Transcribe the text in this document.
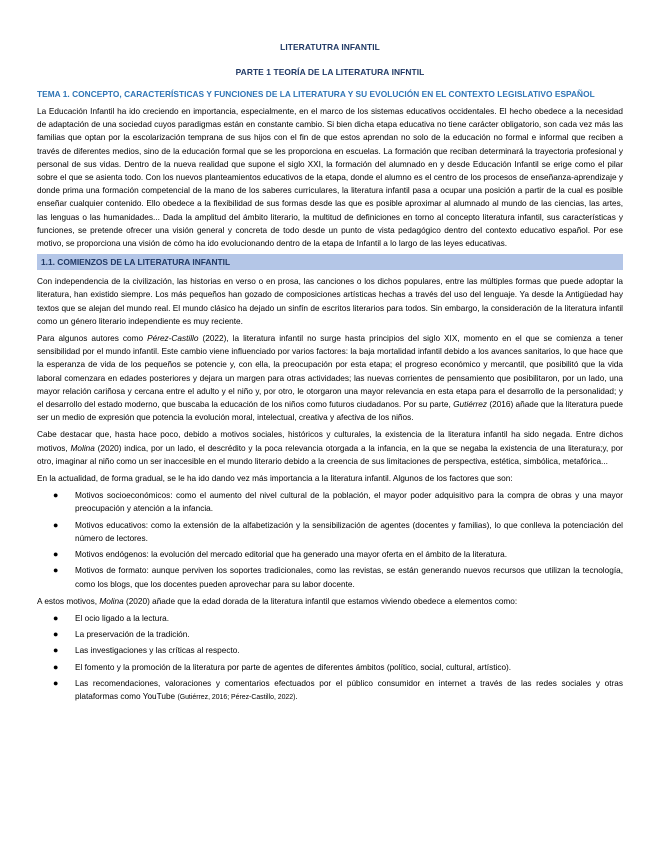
LITERATUTRA INFANTIL
PARTE 1 TEORÍA DE LA LITERATURA INFNTIL
TEMA 1. CONCEPTO, CARACTERÍSTICAS Y FUNCIONES DE LA LITERATURA Y SU EVOLUCIÓN EN EL CONTEXTO LEGISLATIVO ESPAÑOL

La Educación Infantil ha ido creciendo en importancia, especialmente, en el marco de los sistemas educativos occidentales. El hecho obedece a la necesidad de adaptación de una sociedad cuyos paradigmas están en constante cambio. Si bien dicha etapa educativa no tiene carácter obligatorio, son cada vez más las familias que optan por la escolarización temprana de sus hijos con el fin de que estos aprendan no solo de la educación no formal e informal que reciben a través de diferentes medios, sino de la educación formal que se les proporciona en escuelas. La formación que reciban determinará la trayectoria profesional y personal de sus vidas. Dentro de la nueva realidad que supone el siglo XXI, la formación del alumnado en y desde Educación Infantil se erige como el pilar sobre el que se asienta todo. Con los nuevos planteamientos educativos de la etapa, donde el alumno es el centro de los procesos de enseñanza-aprendizaje y donde prima una formación competencial de la mano de los saberes curriculares, la literatura infantil pasa a ocupar una posición a partir de la cual es posible enseñar cualquier contenido. Ello obedece a la flexibilidad de sus formas desde las que es posible aproximar al alumnado al mundo de las ciencias, las artes, las lenguas o las humanidades... Dada la amplitud del ámbito literario, la multitud de definiciones en torno al concepto literatura infantil, sus características y funciones, se pretende ofrecer una visión general y concreta de todo desde un punto de vista pedagógico dentro del contexto educativo español. Por ese motivo, se proporciona una visión de cómo ha ido evolucionando dentro de la etapa de Infantil a lo largo de las leyes educativas.

1.1. COMIENZOS DE LA LITERATURA INFANTIL

Con independencia de la civilización, las historias en verso o en prosa, las canciones o los dichos populares, entre las múltiples formas que puede adoptar la literatura, han existido siempre. Los más pequeños han gozado de composiciones artísticas hechas a través del uso del lenguaje. Ya desde la Antigüedad hay textos que se alejan del mundo real. El mundo clásico ha dejado un sinfín de escritos literarios para todos. Sin embargo, la consideración de la literatura infantil como un género literario independiente es muy reciente.

Para algunos autores como Pérez-Castillo (2022), la literatura infantil no surge hasta principios del siglo XIX, momento en el que se comienza a tener sensibilidad por el mundo infantil. Este cambio viene influenciado por varios factores: la baja mortalidad infantil debido a los avances sanitarios, lo que hace que la esperanza de vida de los pequeños se potencie y, con ella, la preocupación por esta etapa; el progreso económico y mercantil, que posibilitó que la vida laboral comenzara en edades posteriores y dejara un margen para otras actividades; las nuevas corrientes de pensamiento que posibilitaron, por un lado, una mayor relación cariñosa y cercana entre el adulto y el niño y, por otro, le otorgaron una mayor relevancia en esta etapa para el desarrollo de la personalidad; y el desarrollo del estado moderno, que buscaba la educación de los niños como futuros ciudadanos. Por su parte, Gutiérrez (2016) añade que la literatura puede ser un medio de expresión que potencia la evolución moral, intelectual, creativa y afectiva de los niños.

Cabe destacar que, hasta hace poco, debido a motivos sociales, históricos y culturales, la existencia de la literatura infantil ha sido negada. Entre dichos motivos, Molina (2020) indica, por un lado, el descrédito y la poca relevancia otorgada a la infancia, en la que se negaba la existencia de una literatura;y, por otro, imaginar al niño como un ser inaccesible en el mundo literario debido a la creencia de sus limitaciones de perspectiva, estética, simbólica, metafórica...

En la actualidad, de forma gradual, se le ha ido dando vez más importancia a la literatura infantil. Algunos de los factores que son:

● Motivos socioeconómicos: como el aumento del nivel cultural de la población, el mayor poder adquisitivo para la compra de obras y una mayor preocupación y atención a la infancia.
● Motivos educativos: como la extensión de la alfabetización y la sensibilización de agentes (docentes y familias), lo que conlleva la potenciación del número de lectores.
● Motivos endógenos: la evolución del mercado editorial que ha generado una mayor oferta en el ámbito de la literatura.
● Motivos de formato: aunque perviven los soportes tradicionales, como las revistas, se están generando nuevos recursos que utilizan la tecnología, como los blogs, que los docentes pueden aprovechar para su labor docente.

A estos motivos, Molina (2020) añade que la edad dorada de la literatura infantil que estamos viviendo obedece a elementos como:

● El ocio ligado a la lectura.
● La preservación de la tradición.
● Las investigaciones y las críticas al respecto.
● El fomento y la promoción de la literatura por parte de agentes de diferentes ámbitos (político, social, cultural, artístico).
● Las recomendaciones, valoraciones y comentarios efectuados por el público consumidor en internet a través de las redes sociales y otras plataformas como YouTube (Gutiérrez, 2016; Pérez-Castillo, 2022).
